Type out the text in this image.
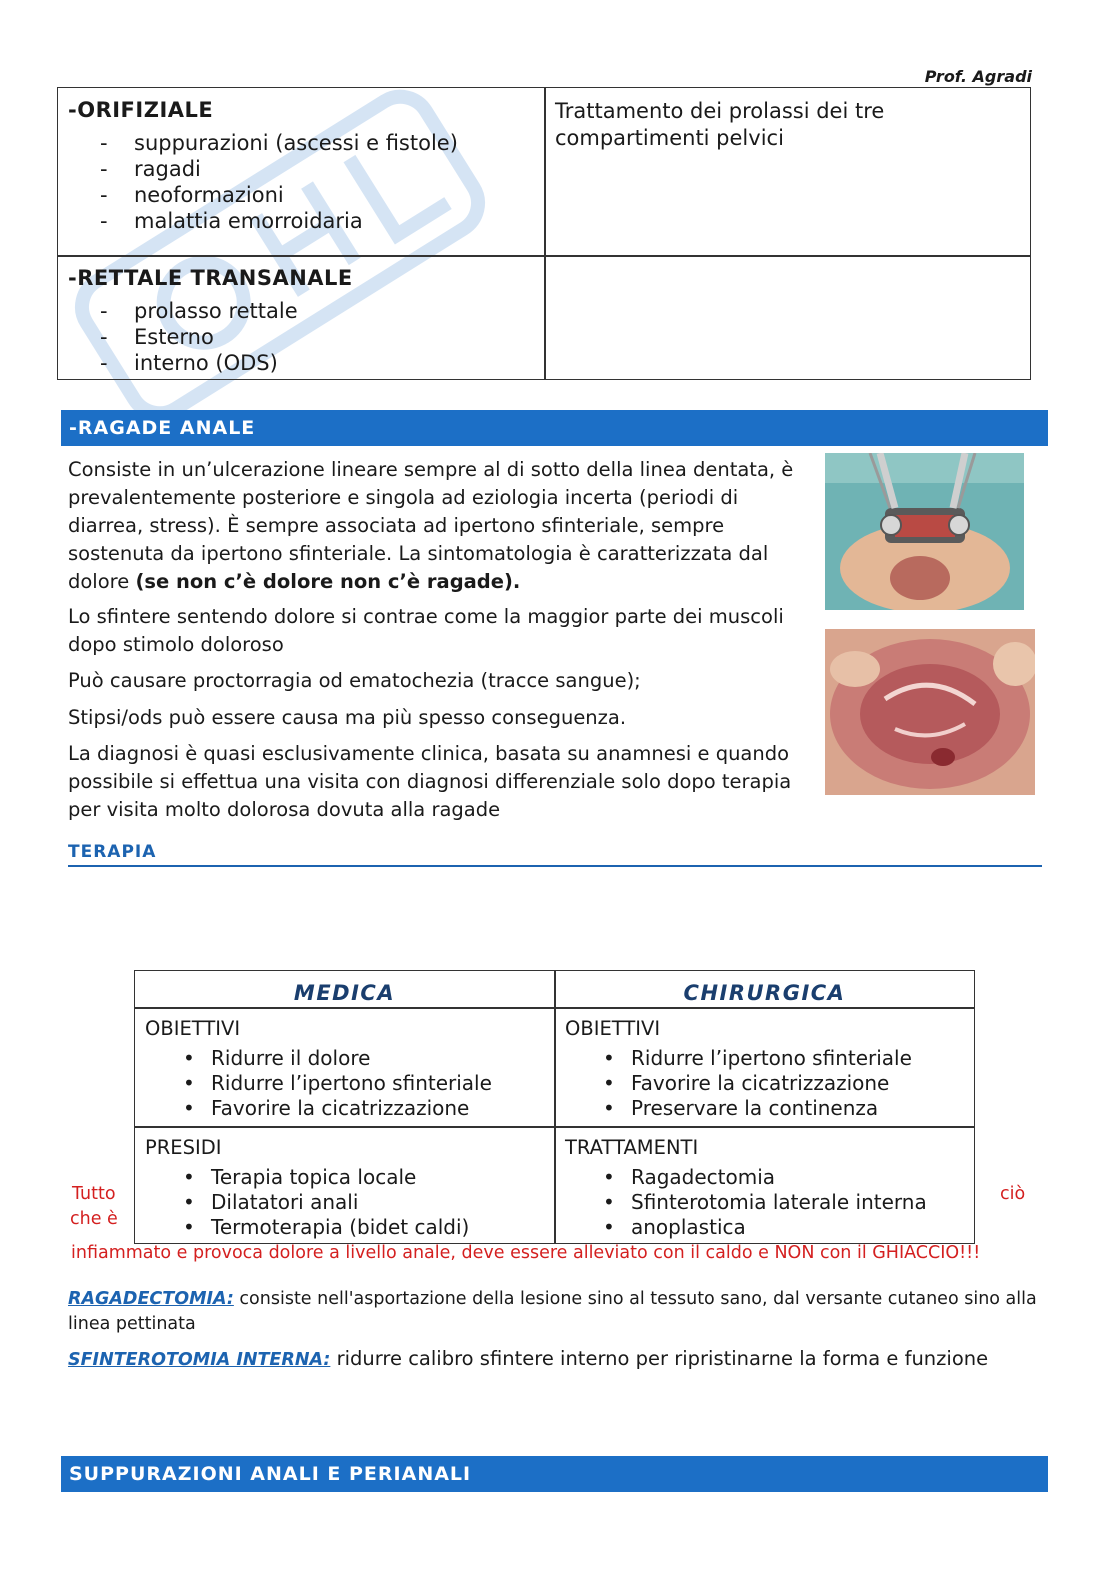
Prof. Agradi
-ORIFIZIALE
- suppurazioni (ascessi e fistole)
- ragadi
- neoformazioni
- malattia emorroidaria
Trattamento dei prolassi dei tre compartimenti pelvici
-RETTALE TRANSANALE
- prolasso rettale
- Esterno
- interno (ODS)
-RAGADE ANALE
Consiste in un’ulcerazione lineare sempre al di sotto della linea dentata, è prevalentemente posteriore e singola ad eziologia incerta (periodi di diarrea, stress). È sempre associata ad ipertono sfinteriale, sempre sostenuta da ipertono sfinteriale. La sintomatologia è caratterizzata dal dolore (se non c’è dolore non c’è ragade).
Lo sfintere sentendo dolore si contrae come la maggior parte dei muscoli dopo stimolo doloroso
Può causare proctorragia od ematochezia (tracce sangue);
Stipsi/ods può essere causa ma più spesso conseguenza.
La diagnosi è quasi esclusivamente clinica, basata su anamnesi e quando possibile si effettua una visita con diagnosi differenziale solo dopo terapia per visita molto dolorosa dovuta alla ragade
TERAPIA
MEDICA	CHIRURGICA
OBIETTIVI
• Ridurre il dolore
• Ridurre l’ipertono sfinteriale
• Favorire la cicatrizzazione
OBIETTIVI
• Ridurre l’ipertono sfinteriale
• Favorire la cicatrizzazione
• Preservare la continenza
PRESIDI
• Terapia topica locale
• Dilatatori anali
• Termoterapia (bidet caldi)
TRATTAMENTI
• Ragadectomia
• Sfinterotomia laterale interna
• anoplastica
Tutto
che è
ciò
infiammato e provoca dolore a livello anale, deve essere alleviato con il caldo e NON con il GHIACCIO!!!
RAGADECTOMIA: consiste nell'asportazione della lesione sino al tessuto sano, dal versante cutaneo sino alla linea pettinata
SFINTEROTOMIA INTERNA: ridurre calibro sfintere interno per ripristinarne la forma e funzione
SUPPURAZIONI ANALI E PERIANALI
